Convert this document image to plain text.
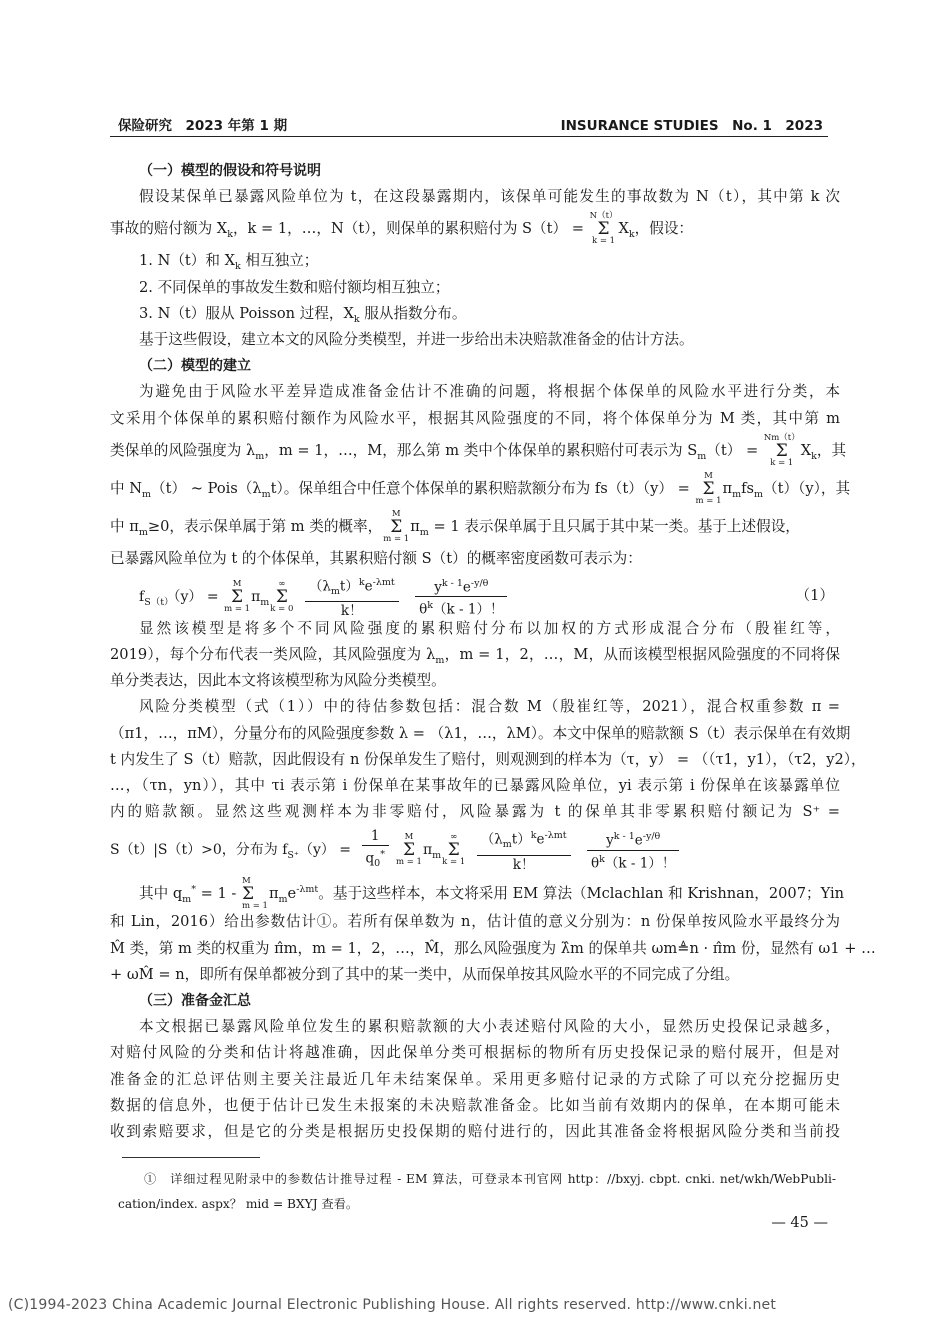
保险研究　2023 年第 1 期	INSURANCE STUDIES　No. 1　2023
（一）模型的假设和符号说明
假设某保单已暴露风险单位为 t，在这段暴露期内，该保单可能发生的事故数为 N（t），其中第 k 次
事故的赔付额为 $X_k$，k = 1，…，N（t），则保单的累积赔付为 S（t） =
N（t）
Σ
k = 1
$X_k$，假设：
1. N（t）和 $X_k$ 相互独立；
2. 不同保单的事故发生数和赔付额均相互独立；
3. N（t）服从 Poisson 过程，$X_k$ 服从指数分布。
基于这些假设，建立本文的风险分类模型，并进一步给出未决赔款准备金的估计方法。
（二）模型的建立
为避免由于风险水平差异造成准备金估计不准确的问题，将根据个体保单的风险水平进行分类，本
文采用个体保单的累积赔付额作为风险水平，根据其风险强度的不同，将个体保单分为 M 类，其中第 m
类保单的风险强度为 $\lambda_m$，m = 1，…，M，那么第 m 类中个体保单的累积赔付可表示为 $S_m(t)$ =
Nm（t）
Σ
k = 1
$X_k$，其
中 $N_m(t)$ ~ $Pois(\lambda_mt)$。保单组合中任意个体保单的累积赔款额分布为 fs（t）（y） =
M
Σ
m = 1
$\pi_mfs_m(t)(y)$，其
中 $\pi_m\ge 0$，表示保单属于第 m 类的概率，
M
Σ
m = 1
$\pi_m = 1$ 表示保单属于且只属于其中某一类。基于上述假设，
已暴露风险单位为 t 的个体保单，其累积赔付额 S（t）的概率密度函数可表示为：
$f_{S(t)}(y)$ =
M
Σ
m = 1
$\pi_m$
∞
Σ
k = 0
$\frac{(\lambda_mt)^ke^{-\lambda mt}}{k!}$
$\frac{y^{k - 1}e^{-y/\theta}}{\theta^k(k - 1)!}$	（1）
显然该模型是将多个不同风险强度的累积赔付分布以加权的方式形成混合分布（殷崔红等，
2019），每个分布代表一类风险，其风险强度为 $\lambda_m$，m = 1，2，…，M，从而该模型根据风险强度的不同将保
单分类表达，因此本文将该模型称为风险分类模型。
风险分类模型（式（1））中的待估参数包括：混合数 M（殷崔红等，2021），混合权重参数 π =
（π1，…，πM），分量分布的风险强度参数 λ = （λ1，…，λM）。本文中保单的赔款额 S（t）表示保单在有效期
t 内发生了 S（t）赔款，因此假设有 n 份保单发生了赔付，则观测到的样本为（τ，y） = （（τ1，y1），（τ2，y2），
…，（τn，yn）），其中 τi 表示第 i 份保单在某事故年的已暴露风险单位，yi 表示第 i 份保单在该暴露单位
内的赔款额。显然这些观测样本为非零赔付，风险暴露为 t 的保单其非零累积赔付额记为 S⁺ =
S（t）|S（t）>0，分布为 $f_{S^+}(y) = \frac{1}{q_0^*}$	M
Σ
m = 1
$\pi_m$
∞
Σ
k = 1
$\frac{(\lambda_mt)^ke^{-\lambda mt}}{k!}$
$\frac{y^{k - 1}e^{-y/\theta}}{\theta^k(k - 1)!}$
其中 $q_m^* = 1$ -
M
Σ
m = 1
$\pi_me^{-\lambda mt}$。基于这些样本，本文将采用 EM 算法（Mclachlan 和 Krishnan，2007；Yin
和 Lin，2016）给出参数估计①。若所有保单数为 n，估计值的意义分别为：n 份保单按风险水平最终分为
M̂ 类，第 m 类的权重为 π̂m，m = 1，2，…，M̂，那么风险强度为 λ̂m 的保单共 ωm≜n · π̂m 份，显然有 ω1 + …
+ ωM̂ = n，即所有保单都被分到了其中的某一类中，从而保单按其风险水平的不同完成了分组。
（三）准备金汇总
本文根据已暴露风险单位发生的累积赔款额的大小表述赔付风险的大小，显然历史投保记录越多，
对赔付风险的分类和估计将越准确，因此保单分类可根据标的物所有历史投保记录的赔付展开，但是对
准备金的汇总评估则主要关注最近几年未结案保单。采用更多赔付记录的方式除了可以充分挖掘历史
数据的信息外，也便于估计已发生未报案的未决赔款准备金。比如当前有效期内的保单，在本期可能未
收到索赔要求，但是它的分类是根据历史投保期的赔付进行的，因此其准备金将根据风险分类和当前投
①　详细过程见附录中的参数估计推导过程 - EM 算法，可登录本刊官网 http：//bxyj. cbpt. cnki. net/wkh/WebPubli-
cation/index. aspx？ mid = BXYJ 查看。
— 45 —
(C)1994-2023 China Academic Journal Electronic Publishing House. All rights reserved. http://www.cnki.net
